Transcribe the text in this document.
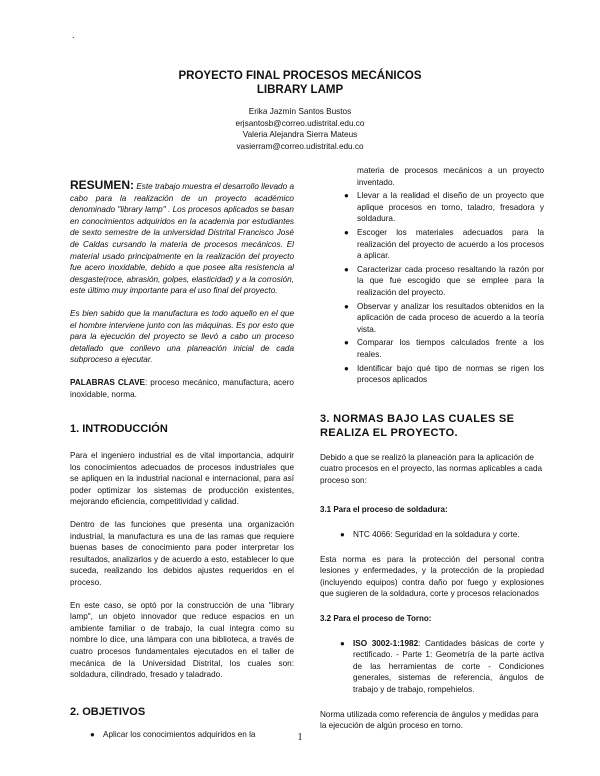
.
PROYECTO FINAL PROCESOS MECÁNICOS
LIBRARY LAMP
Erika Jazmín Santos Bustos
erjsantosb@correo.udistrital.edu.co
Valeria Alejandra Sierra Mateus
vasierram@correo.udistrital.edu.co

RESUMEN: Este trabajo muestra el desarrollo llevado a cabo para la realización de un proyecto académico denominado "library lamp" . Los procesos aplicados se basan en conocimientos adquiridos en la academia por estudiantes de sexto semestre de la universidad Distrital Francisco José de Caldas cursando la materia de procesos mecánicos. El material usado principalmente en la realización del proyecto fue acero inoxidable, debido a que posee alta resistencia al desgaste(roce, abrasión, golpes, elasticidad) y a la corrosión, este último muy importante para el uso final del proyecto.

Es bien sabido que la manufactura es todo aquello en el que el hombre interviene junto con las máquinas. Es por esto que para la ejecución del proyecto se llevó a cabo un proceso detallado que conllevo una planeación inicial de cada subproceso a ejecutar.

PALABRAS CLAVE: proceso mecánico, manufactura, acero inoxidable, norma.

1. INTRODUCCIÓN

Para el ingeniero industrial es de vital importancia, adquirir los conocimientos adecuados de procesos industriales que se apliquen en la industrial nacional e internacional, para así poder optimizar los sistemas de producción existentes, mejorando eficiencia, competitividad y calidad.

Dentro de las funciones que presenta una organización industrial, la manufactura es una de las ramas que requiere buenas bases de conocimiento para poder interpretar los resultados, analizarlos y de acuerdo a esto, establecer lo que suceda, realizando los debidos ajustes requeridos en el proceso.

En este caso, se optó por la construcción de una "library lamp", un objeto innovador que reduce espacios en un ambiente familiar o de trabajo, la cual integra como su nombre lo dice, una lámpara con una biblioteca, a través de cuatro procesos fundamentales ejecutados en el taller de mecánica de la Universidad Distrital, los cuales son: soldadura, cilindrado, fresado y taladrado.

2. OBJETIVOS
● Aplicar los conocimientos adquiridos en la
materia de procesos mecánicos a un proyecto inventado.
● Llevar a la realidad el diseño de un proyecto que aplique procesos en torno, taladro, fresadora y soldadura.
● Escoger los materiales adecuados para la realización del proyecto de acuerdo a los procesos a aplicar.
● Caracterizar cada proceso resaltando la razón por la que fue escogido que se emplee para la realización del proyecto.
● Observar y analizar los resultados obtenidos en la aplicación de cada proceso de acuerdo a la teoría vista.
● Comparar los tiempos calculados frente a los reales.
● Identificar bajo qué tipo de normas se rigen los procesos aplicados
3. NORMAS BAJO LAS CUALES SE
REALIZA EL PROYECTO.

Debido a que se realizó la planeación para la aplicación de cuatro procesos en el proyecto, las normas aplicables a cada proceso son:

3.1 Para el proceso de soldadura:
● NTC 4066: Seguridad en la soldadura y corte.

Esta norma es para la protección del personal contra lesiones y enfermedades, y la protección de la propiedad (incluyendo equipos) contra daño por fuego y explosiones que sugieren de la soldadura, corte y procesos relacionados

3.2 Para el proceso de Torno:
● ISO 3002-1:1982: Cantidades básicas de corte y rectificado. - Parte 1: Geometría de la parte activa de las herramientas de corte - Condiciones generales, sistemas de referencia, ángulos de trabajo y de trabajo, rompehielos.

Norma utilizada como referencia de ángulos y medidas para la ejecución de algún proceso en torno.

1
